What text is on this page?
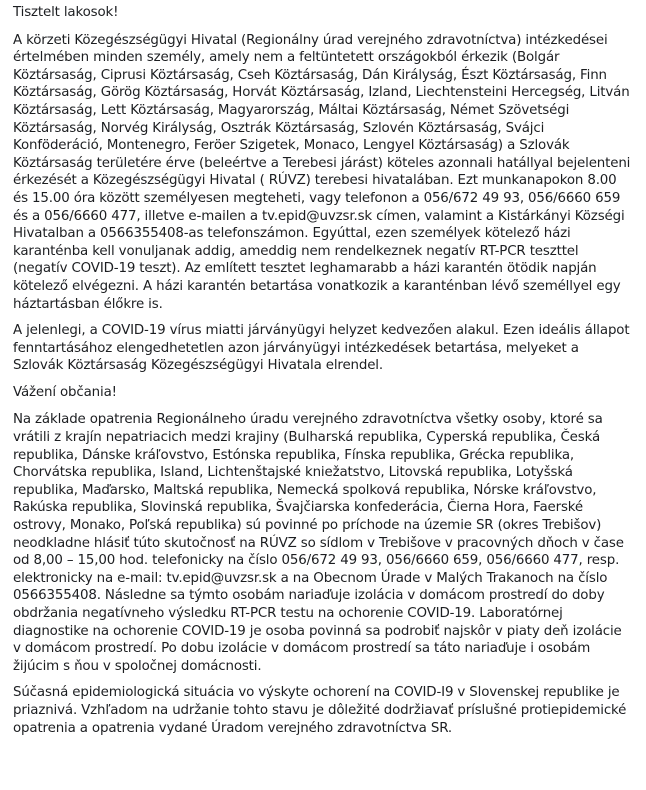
Tisztelt lakosok!

A körzeti Közegészségügyi Hivatal (Regionálny úrad verejného zdravotníctva) intézkedései értelmében minden személy, amely nem a feltüntetett országokból érkezik (Bolgár Köztársaság, Ciprusi Köztársaság, Cseh Köztársaság, Dán Királyság, Észt Köztársaság, Finn Köztársaság, Görög Köztársaság, Horvát Köztársaság, Izland, Liechtensteini Hercegség, Litván Köztársaság, Lett Köztársaság, Magyarország, Máltai Köztársaság, Német Szövetségi Köztársaság, Norvég Királyság, Osztrák Köztársaság, Szlovén Köztársaság, Svájci Konföderáció, Montenegro, Feröer Szigetek, Monaco, Lengyel Köztársaság) a Szlovák Köztársaság területére érve (beleértve a Terebesi járást) köteles azonnali hatállyal bejelenteni érkezését a Közegészségügyi Hivatal ( RÚVZ) terebesi hivatalában. Ezt munkanapokon 8.00 és 15.00 óra között személyesen megteheti, vagy telefonon a 056/672 49 93, 056/6660 659 és a 056/6660 477, illetve e-mailen a tv.epid@uvzsr.sk címen, valamint a Kistárkányi Községi Hivatalban a 0566355408-as telefonszámon. Egyúttal, ezen személyek kötelező házi karanténba kell vonuljanak addig, ameddig nem rendelkeznek negatív RT-PCR teszttel (negatív COVID-19 teszt). Az említett tesztet leghamarabb a házi karantén ötödik napján kötelező elvégezni. A házi karantén betartása vonatkozik a karanténban lévő személlyel egy háztartásban élőkre is.

A jelenlegi, a COVID-19 vírus miatti járványügyi helyzet kedvezően alakul. Ezen ideális állapot fenntartásához elengedhetetlen azon járványügyi intézkedések betartása, melyeket a Szlovák Köztársaság Közegészségügyi Hivatala elrendel.

Vážení občania!

Na základe opatrenia Regionálneho úradu verejného zdravotníctva všetky osoby, ktoré sa vrátili z krajín nepatriacich medzi krajiny (Bulharská republika, Cyperská republika, Česká republika, Dánske kráľovstvo, Estónska republika, Fínska republika, Grécka republika, Chorvátska republika, Island, Lichtenštajské kniežatstvo, Litovská republika, Lotyšská republika, Maďarsko, Maltská republika, Nemecká spolková republika, Nórske kráľovstvo, Rakúska republika, Slovinská republika, Švajčiarska konfederácia, Čierna Hora, Faerské ostrovy, Monako, Poľská republika) sú povinné po príchode na územie SR (okres Trebišov) neodkladne hlásiť túto skutočnosť na RÚVZ so sídlom v Trebišove v pracovných dňoch v čase od 8,00 – 15,00 hod. telefonicky na číslo 056/672 49 93, 056/6660 659, 056/6660 477, resp. elektronicky na e-mail: tv.epid@uvzsr.sk a na Obecnom Úrade v Malých Trakanoch na číslo 0566355408. Následne sa týmto osobám nariaďuje izolácia v domácom prostredí do doby obdržania negatívneho výsledku RT-PCR testu na ochorenie COVID-19. Laboratórnej diagnostike na ochorenie COVID-19 je osoba povinná sa podrobiť najskôr v piaty deň izolácie v domácom prostredí. Po dobu izolácie v domácom prostredí sa táto nariaďuje i osobám žijúcim s ňou v spoločnej domácnosti.

Súčasná epidemiologická situácia vo výskyte ochorení na COVID-I9 v Slovenskej republike je priaznivá. Vzhľadom na udržanie tohto stavu je dôležité dodržiavať príslušné protiepidemické opatrenia a opatrenia vydané Úradom verejného zdravotníctva SR.
